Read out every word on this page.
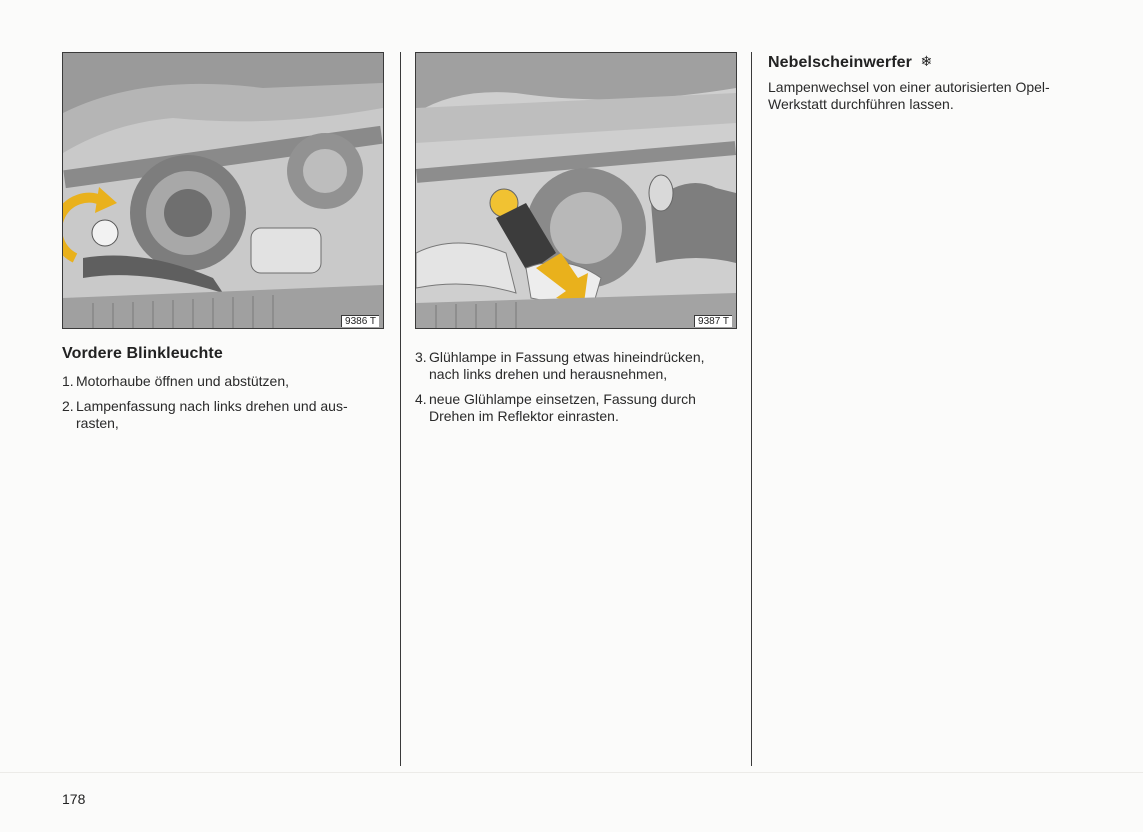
9386 T	9387 T
Vordere Blinkleuchte
1. Motorhaube öffnen und abstützen,
2. Lampenfassung nach links drehen und ausrasten,
3. Glühlampe in Fassung etwas hineindrücken, nach links drehen und herausnehmen,
4. neue Glühlampe einsetzen, Fassung durch Drehen im Reflektor einrasten.
Nebelscheinwerfer ❄

Lampenwechsel von einer autorisierten Opel-Werkstatt durchführen lassen.

178
